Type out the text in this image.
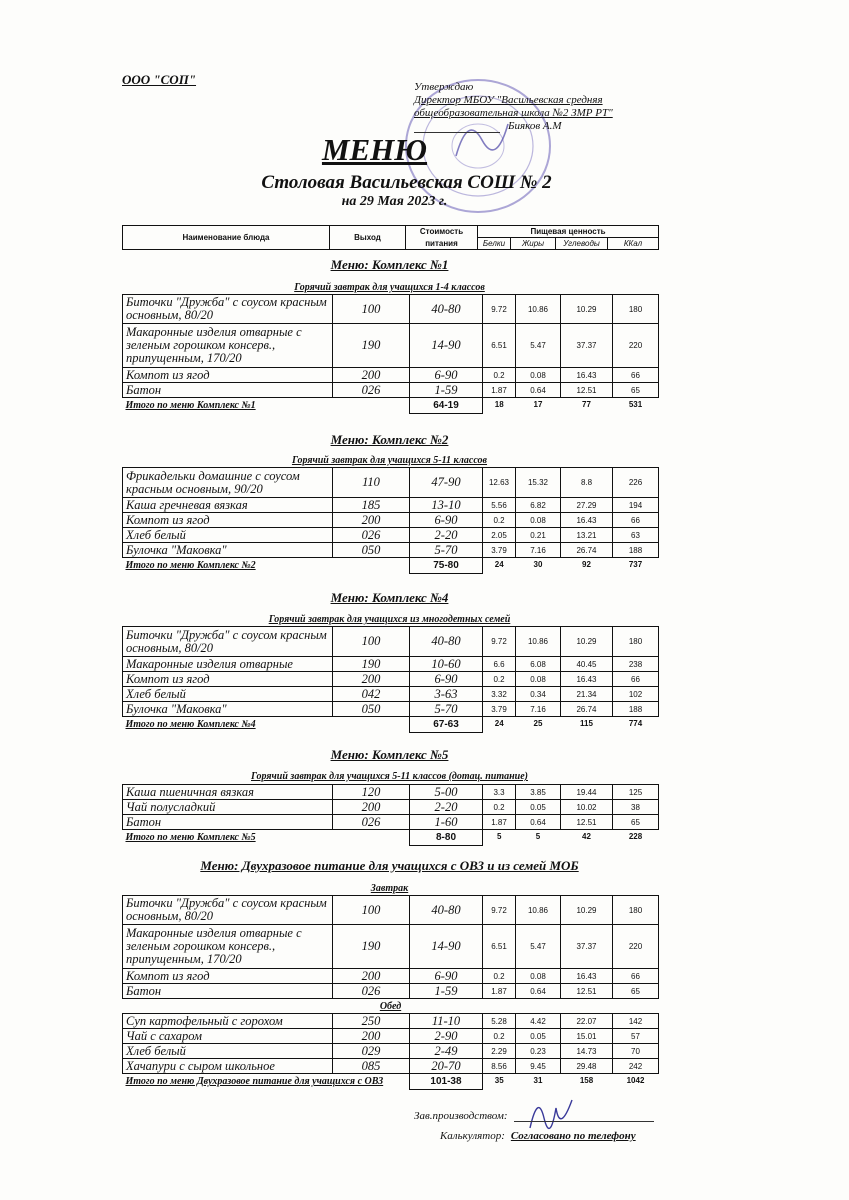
ООО "СОП"	Утверждаю
Директор МБОУ "Васильевская средняя
общеобразовательная школа №2 ЗМР РТ"
Бияков А.М
МЕНЮ
Столовая Васильевская СОШ № 2
на 29 Мая 2023 г.
Наименование блюда	Выход	Стоимость	Пищевая ценность			
		питания	Белки	Жиры	Углеводы	ККал
Меню: Комплекс №1
Горячий завтрак для учащихся 1-4 классов
Биточки "Дружба" с соусом красным основным, 80/20	100	40-80	9.72	10.86	10.29	180
Макаронные изделия отварные с зеленым горошком консерв., припущенным, 170/20	190	14-90	6.51	5.47	37.37	220
Компот из ягод	200	6-90	0.2	0.08	16.43	66
Батон	026	1-59	1.87	0.64	12.51	65
Итого по меню Комплекс №1		64-19	18	17	77	531
Меню: Комплекс №2
Горячий завтрак для учащихся 5-11 классов
Фрикадельки домашние с соусом красным основным, 90/20	110	47-90	12.63	15.32	8.8	226
Каша гречневая вязкая	185	13-10	5.56	6.82	27.29	194
Компот из ягод	200	6-90	0.2	0.08	16.43	66
Хлеб белый	026	2-20	2.05	0.21	13.21	63
Булочка "Маковка"	050	5-70	3.79	7.16	26.74	188
Итого по меню Комплекс №2		75-80	24	30	92	737
Меню: Комплекс №4
Горячий завтрак для учащихся из многодетных семей
Биточки "Дружба" с соусом красным основным, 80/20	100	40-80	9.72	10.86	10.29	180
Макаронные изделия отварные	190	10-60	6.6	6.08	40.45	238
Компот из ягод	200	6-90	0.2	0.08	16.43	66
Хлеб белый	042	3-63	3.32	0.34	21.34	102
Булочка "Маковка"	050	5-70	3.79	7.16	26.74	188
Итого по меню Комплекс №4		67-63	24	25	115	774
Меню: Комплекс №5
Горячий завтрак для учащихся 5-11 классов (дотац. питание)
Каша пшеничная вязкая	120	5-00	3.3	3.85	19.44	125
Чай полусладкий	200	2-20	0.2	0.05	10.02	38
Батон	026	1-60	1.87	0.64	12.51	65
Итого по меню Комплекс №5		8-80	5	5	42	228
Меню: Двухразовое питание для учащихся с ОВЗ и из семей МОБ
Завтрак
Биточки "Дружба" с соусом красным основным, 80/20	100	40-80	9.72	10.86	10.29	180
Макаронные изделия отварные с зеленым горошком консерв., припущенным, 170/20	190	14-90	6.51	5.47	37.37	220
Компот из ягод	200	6-90	0.2	0.08	16.43	66
Батон	026	1-59	1.87	0.64	12.51	65
Обед						
Суп картофельный с горохом	250	11-10	5.28	4.42	22.07	142
Чай с сахаром	200	2-90	0.2	0.05	15.01	57
Хлеб белый	029	2-49	2.29	0.23	14.73	70
Хачапури с сыром школьное	085	20-70	8.56	9.45	29.48	242
Итого по меню Двухразовое питание для учащихся с ОВЗ		101-38	35	31	158	1042
Зав.производством:
Калькулятор: Согласовано по телефону
